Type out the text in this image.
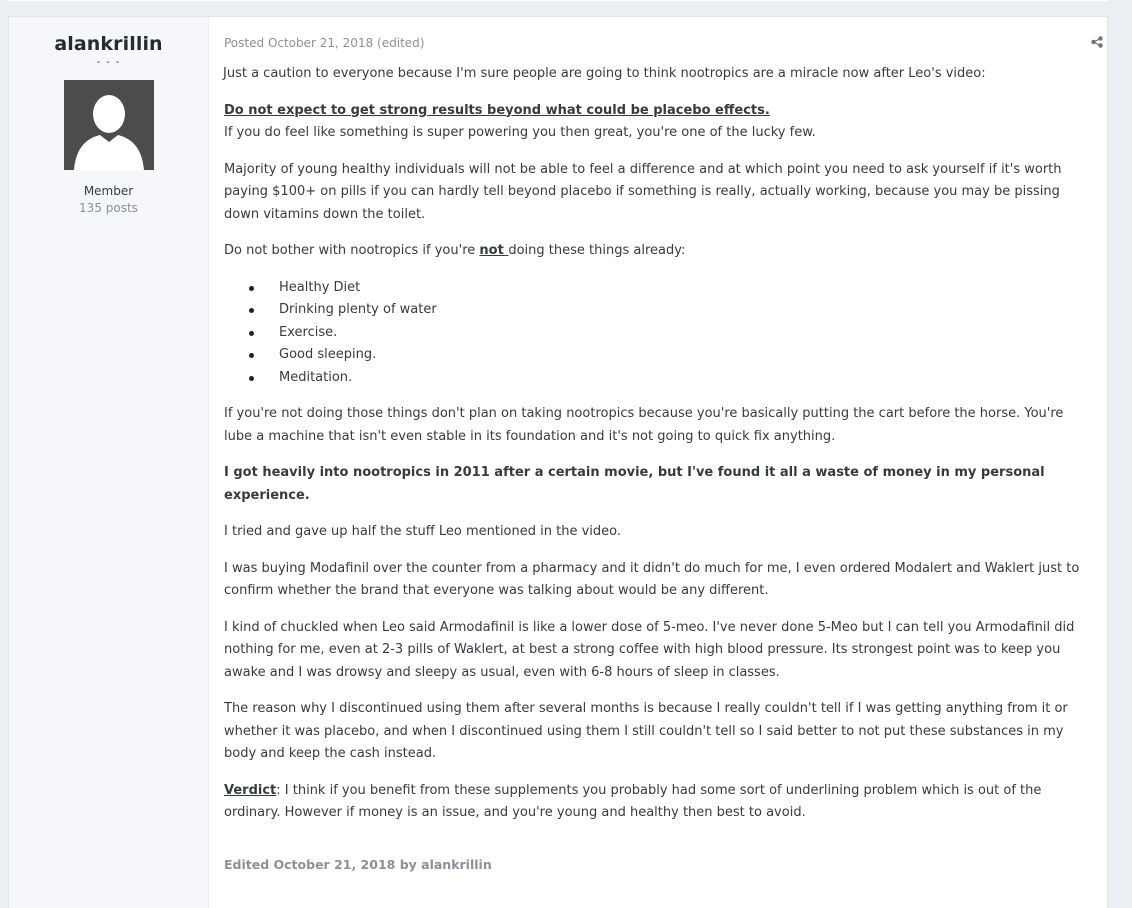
alankrillin
- - -
Member
135 posts
Posted October 21, 2018 (edited)

Just a caution to everyone because I'm sure people are going to think nootropics are a miracle now after Leo's video:

Do not expect to get strong results beyond what could be placebo effects.
If you do feel like something is super powering you then great, you're one of the lucky few.

Majority of young healthy individuals will not be able to feel a difference and at which point you need to ask yourself if it's worth paying $100+ on pills if you can hardly tell beyond placebo if something is really, actually working, because you may be pissing down vitamins down the toilet.

Do not bother with nootropics if you're not doing these things already:

Healthy Diet
Drinking plenty of water
Exercise.
Good sleeping.
Meditation.

If you're not doing those things don't plan on taking nootropics because you're basically putting the cart before the horse. You're lube a machine that isn't even stable in its foundation and it's not going to quick fix anything.

I got heavily into nootropics in 2011 after a certain movie, but I've found it all a waste of money in my personal experience.

I tried and gave up half the stuff Leo mentioned in the video.

I was buying Modafinil over the counter from a pharmacy and it didn't do much for me, I even ordered Modalert and Waklert just to confirm whether the brand that everyone was talking about would be any different.

I kind of chuckled when Leo said Armodafinil is like a lower dose of 5-meo. I've never done 5-Meo but I can tell you Armodafinil did nothing for me, even at 2-3 pills of Waklert, at best a strong coffee with high blood pressure. Its strongest point was to keep you awake and I was drowsy and sleepy as usual, even with 6-8 hours of sleep in classes.

The reason why I discontinued using them after several months is because I really couldn't tell if I was getting anything from it or whether it was placebo, and when I discontinued using them I still couldn't tell so I said better to not put these substances in my body and keep the cash instead.

Verdict: I think if you benefit from these supplements you probably had some sort of underlining problem which is out of the ordinary. However if money is an issue, and you're young and healthy then best to avoid.

Edited October 21, 2018 by alankrillin
